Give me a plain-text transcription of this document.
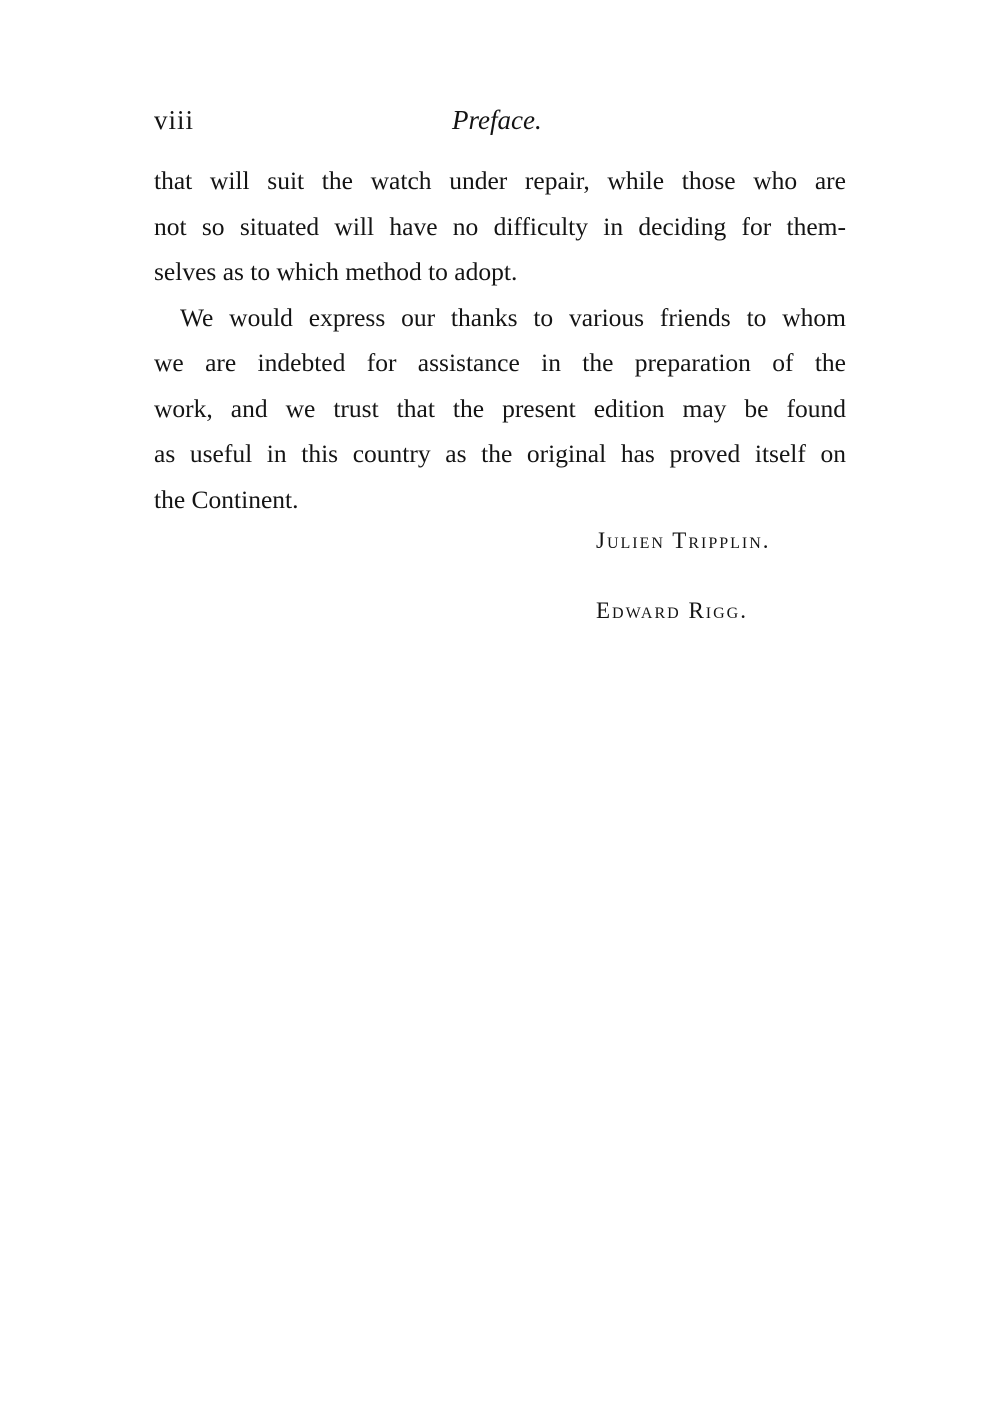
viii	Preface.
that will suit the watch under repair, while those who are
not so situated will have no difficulty in deciding for them-
selves as to which method to adopt.
We would express our thanks to various friends to whom
we are indebted for assistance in the preparation of the
work, and we trust that the present edition may be found
as useful in this country as the original has proved itself on
the Continent.
Julien Tripplin.
Edward Rigg.
